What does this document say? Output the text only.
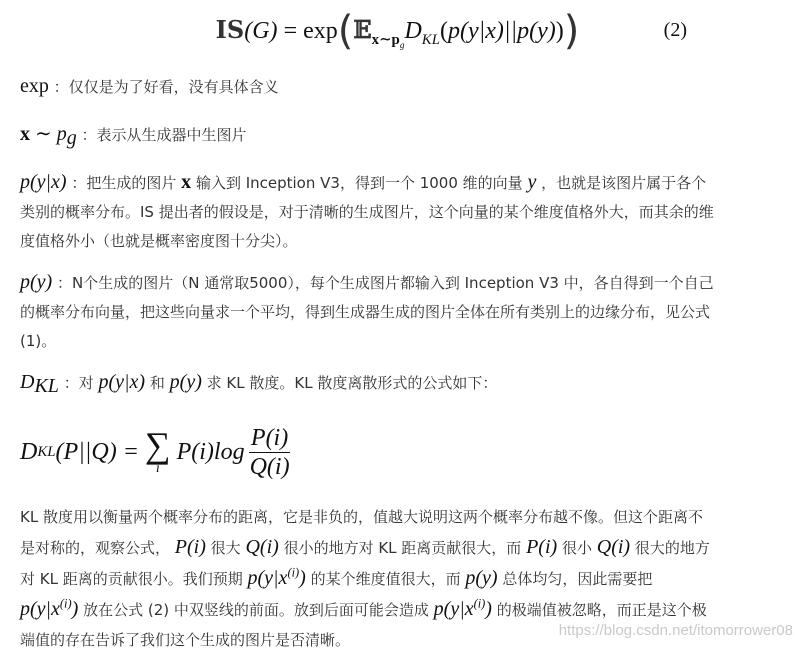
$IS(G) = \exp(𝔼_{x\sim p_g}D_{KL}(p(y|x)||p(y)))$	(2)
exp ：仅仅是为了好看，没有具体含义
x ∼ $p_g$ ：表示从生成器中生图片
p(y|x) ：把生成的图片 x 输入到 Inception V3，得到一个 1000 维的向量 y ，也就是该图片属于各个类别的概率分布。IS 提出者的假设是，对于清晰的生成图片，这个向量的某个维度值格外大，而其余的维度值格外小（也就是概率密度图十分尖）。
p(y) ：N个生成的图片（N 通常取5000），每个生成图片都输入到 Inception V3 中，各自得到一个自己的概率分布向量，把这些向量求一个平均，得到生成器生成的图片全体在所有类别上的边缘分布，见公式 (1)。
$D_{KL}$ ：对 p(y|x) 和 p(y) 求 KL 散度。KL 散度离散形式的公式如下：
D KL (P||Q) = ∑
i
$P(i)\log \frac{P(i)}{Q(i)}$
KL 散度用以衡量两个概率分布的距离，它是非负的，值越大说明这两个概率分布越不像。但这个距离不是对称的，观察公式， P(i) 很大 Q(i) 很小的地方对 KL 距离贡献很大，而 P(i) 很小 Q(i) 很大的地方对 KL 距离的贡献很小。我们预期 $p(y|x^{(i)})$ 的某个维度值很大，而 p(y) 总体均匀，因此需要把 $p(y|x^{(i)})$ 放在公式 (2) 中双竖线的前面。放到后面可能会造成 $p(y|x^{(i)})$ 的极端值被忽略，而正是这个极端值的存在告诉了我们这个生成的图片是否清晰。
https://blog.csdn.net/itomorrower08
